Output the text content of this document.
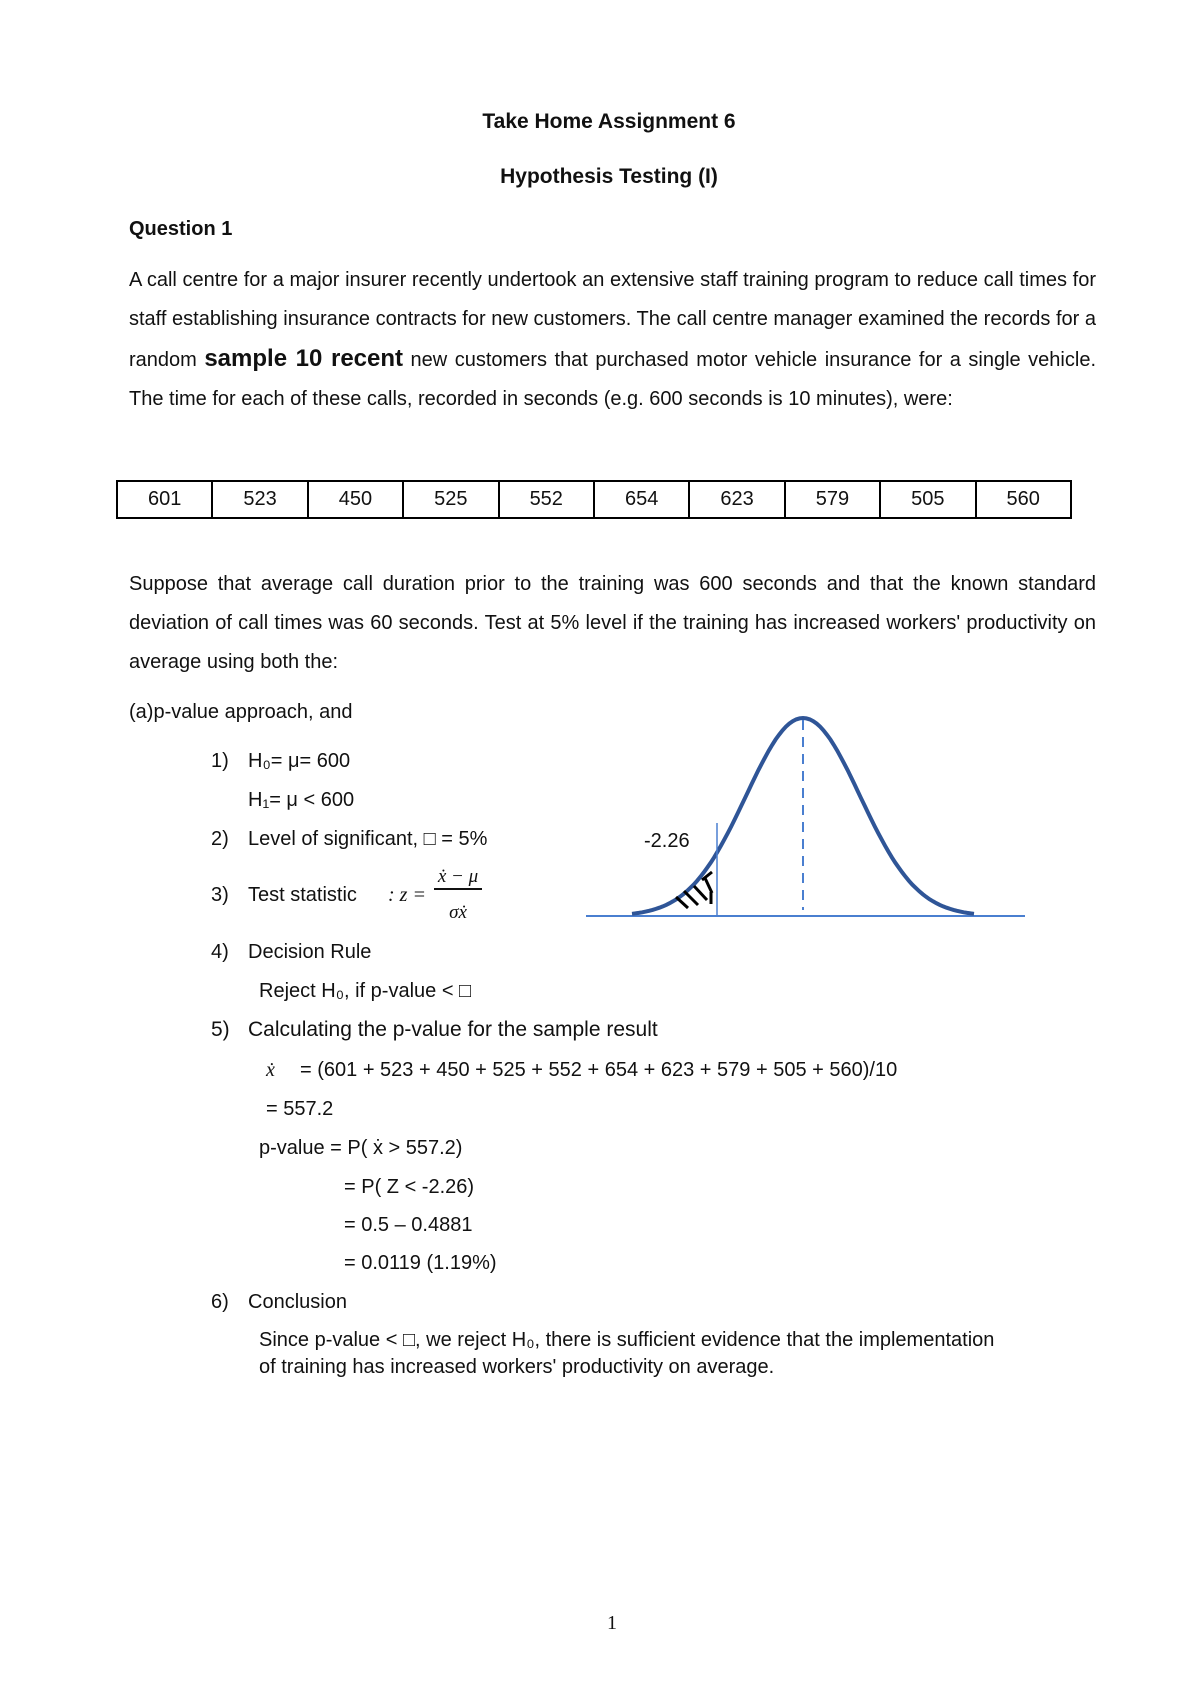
Take Home Assignment 6
Hypothesis Testing (I)
Question 1
A call centre for a major insurer recently undertook an extensive staff training program to reduce call times for staff establishing insurance contracts for new customers. The call centre manager examined the records for a random sample 10 recent new customers that purchased motor vehicle insurance for a single vehicle. The time for each of these calls, recorded in seconds (e.g. 600 seconds is 10 minutes), were:
601	523	450	525	552	654	623	579	505	560
Suppose that average call duration prior to the training was 600 seconds and that the known standard deviation of call times was 60 seconds. Test at 5% level if the training has increased workers' productivity on average using both the:
(a)p-value approach, and
1) H₀= μ= 600
H₁= μ < 600
2) Level of significant, □ = 5%
3) Test statistic : z =
ẋ − μ
σẋ
4) Decision Rule
Reject H₀, if p-value < □
5) Calculating the p-value for the sample result
ẋ = (601 + 523 + 450 + 525 + 552 + 654 + 623 + 579 + 505 + 560)/10
= 557.2
p-value = P( ẋ > 557.2)
= P( Z < -2.26)
= 0.5 – 0.4881
= 0.0119 (1.19%)
6) Conclusion
Since p-value < □, we reject H₀, there is sufficient evidence that the implementation
of training has increased workers' productivity on average.
-2.26
1
